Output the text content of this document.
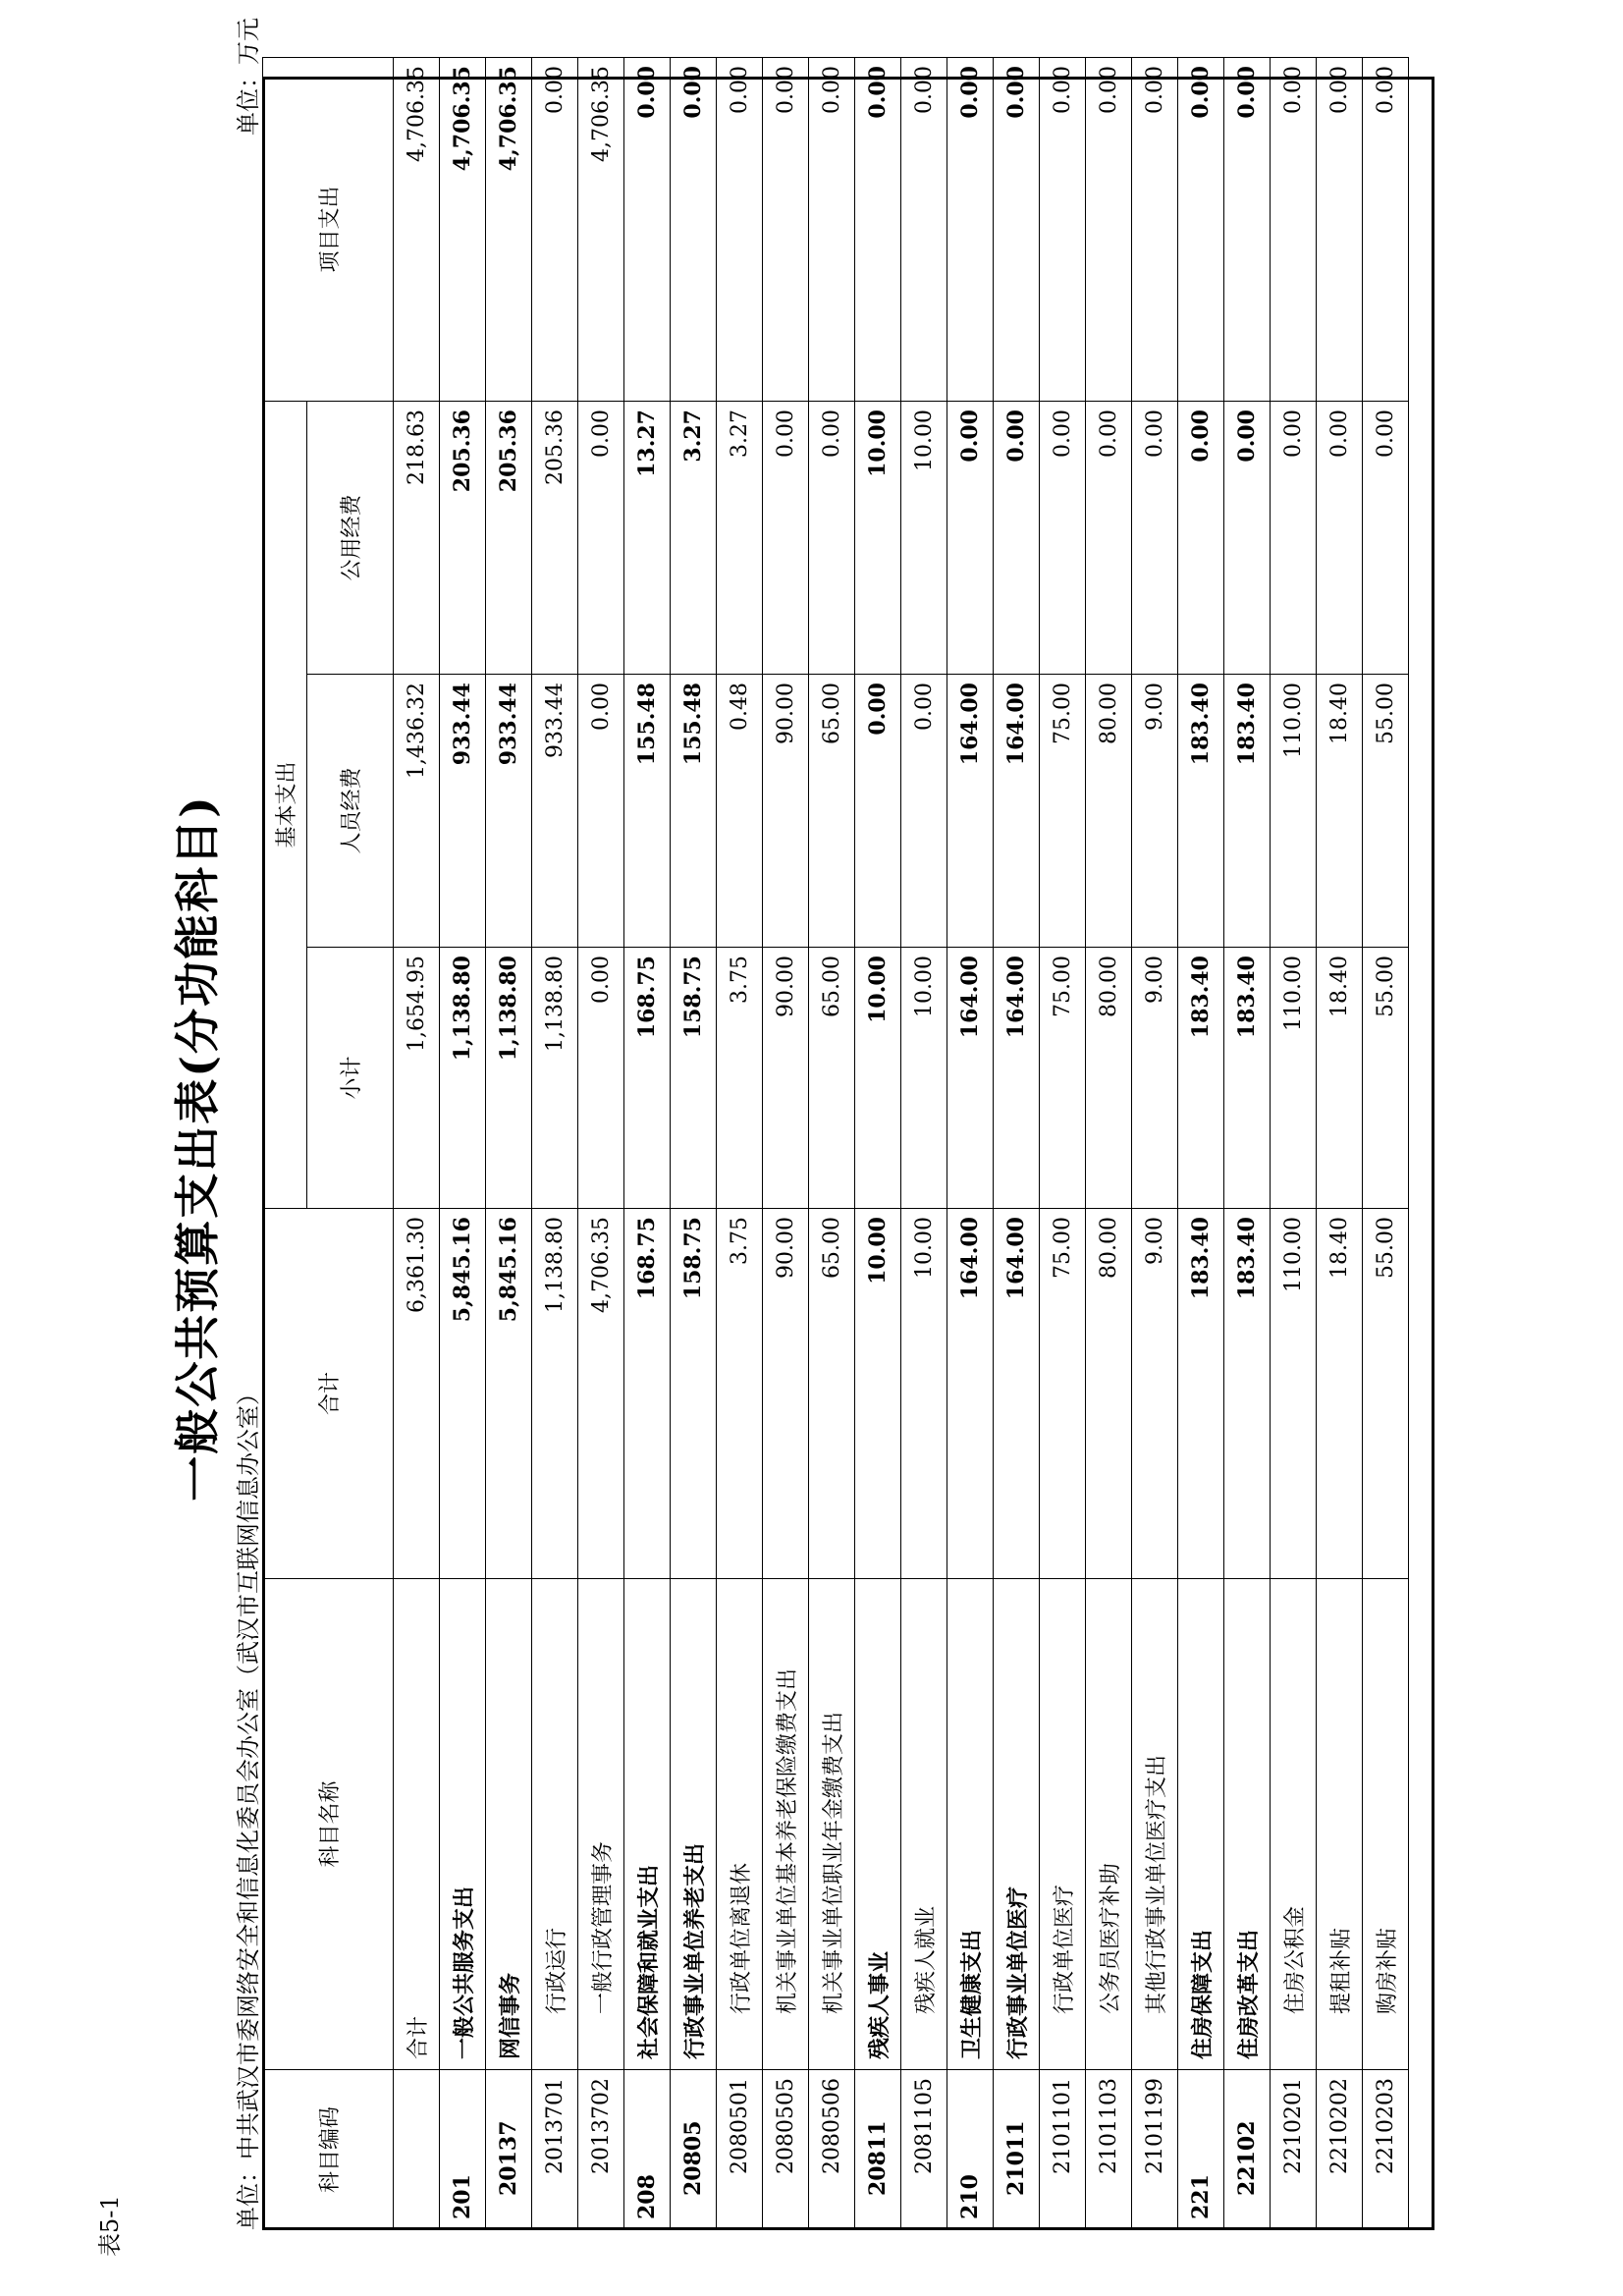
表5-1
一般公共预算支出表(分功能科目)
单位：中共武汉市委网络安全和信息化委员会办公室（武汉市互联网信息办公室）
单位：万元
科目编码	科目名称	合计	基本支出			项目支出
			小计	人员经费	公用经费	

	合计	6,361.30	1,654.95	1,436.32	218.63	4,706.35
201	一般公共服务支出	5,845.16	1,138.80	933.44	205.36	4,706.35
20137	网信事务	5,845.16	1,138.80	933.44	205.36	4,706.35
2013701	行政运行	1,138.80	1,138.80	933.44	205.36	0.00
2013702	一般行政管理事务	4,706.35	0.00	0.00	0.00	4,706.35
208	社会保障和就业支出	168.75	168.75	155.48	13.27	0.00
20805	行政事业单位养老支出	158.75	158.75	155.48	3.27	0.00
2080501	行政单位离退休	3.75	3.75	0.48	3.27	0.00
2080505	机关事业单位基本养老保险缴费支出	90.00	90.00	90.00	0.00	0.00
2080506	机关事业单位职业年金缴费支出	65.00	65.00	65.00	0.00	0.00
20811	残疾人事业	10.00	10.00	0.00	10.00	0.00
2081105	残疾人就业	10.00	10.00	0.00	10.00	0.00
210	卫生健康支出	164.00	164.00	164.00	0.00	0.00
21011	行政事业单位医疗	164.00	164.00	164.00	0.00	0.00
2101101	行政单位医疗	75.00	75.00	75.00	0.00	0.00
2101103	公务员医疗补助	80.00	80.00	80.00	0.00	0.00
2101199	其他行政事业单位医疗支出	9.00	9.00	9.00	0.00	0.00
221	住房保障支出	183.40	183.40	183.40	0.00	0.00
22102	住房改革支出	183.40	183.40	183.40	0.00	0.00
2210201	住房公积金	110.00	110.00	110.00	0.00	0.00
2210202	提租补贴	18.40	18.40	18.40	0.00	0.00
2210203	购房补贴	55.00	55.00	55.00	0.00	0.00
